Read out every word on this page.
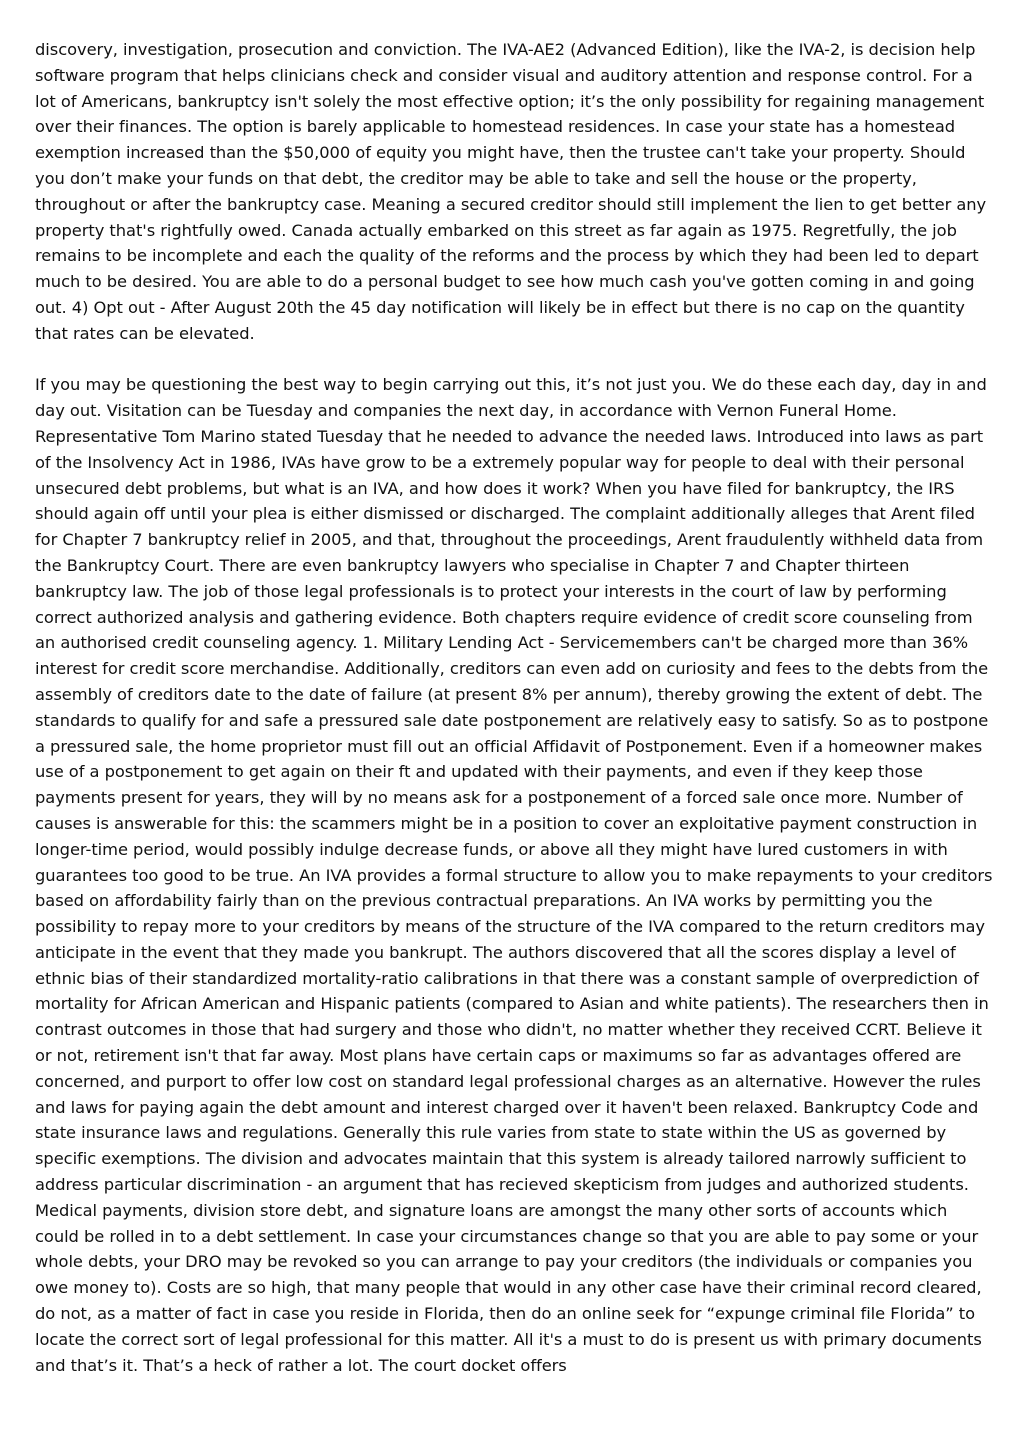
discovery, investigation, prosecution and conviction. The IVA-AE2 (Advanced Edition), like the IVA-2, is decision help software program that helps clinicians check and consider visual and auditory attention and response control. For a lot of Americans, bankruptcy isn't solely the most effective option; it’s the only possibility for regaining management over their finances. The option is barely applicable to homestead residences. In case your state has a homestead exemption increased than the $50,000 of equity you might have, then the trustee can't take your property. Should you don’t make your funds on that debt, the creditor may be able to take and sell the house or the property, throughout or after the bankruptcy case. Meaning a secured creditor should still implement the lien to get better any property that's rightfully owed. Canada actually embarked on this street as far again as 1975. Regretfully, the job remains to be incomplete and each the quality of the reforms and the process by which they had been led to depart much to be desired. You are able to do a personal budget to see how much cash you've gotten coming in and going out. 4) Opt out - After August 20th the 45 day notification will likely be in effect but there is no cap on the quantity that rates can be elevated.

If you may be questioning the best way to begin carrying out this, it’s not just you. We do these each day, day in and day out. Visitation can be Tuesday and companies the next day, in accordance with Vernon Funeral Home. Representative Tom Marino stated Tuesday that he needed to advance the needed laws. Introduced into laws as part of the Insolvency Act in 1986, IVAs have grow to be a extremely popular way for people to deal with their personal unsecured debt problems, but what is an IVA, and how does it work? When you have filed for bankruptcy, the IRS should again off until your plea is either dismissed or discharged. The complaint additionally alleges that Arent filed for Chapter 7 bankruptcy relief in 2005, and that, throughout the proceedings, Arent fraudulently withheld data from the Bankruptcy Court. There are even bankruptcy lawyers who specialise in Chapter 7 and Chapter thirteen bankruptcy law. The job of those legal professionals is to protect your interests in the court of law by performing correct authorized analysis and gathering evidence. Both chapters require evidence of credit score counseling from an authorised credit counseling agency. 1. Military Lending Act - Servicemembers can't be charged more than 36% interest for credit score merchandise. Additionally, creditors can even add on curiosity and fees to the debts from the assembly of creditors date to the date of failure (at present 8% per annum), thereby growing the extent of debt. The standards to qualify for and safe a pressured sale date postponement are relatively easy to satisfy. So as to postpone a pressured sale, the home proprietor must fill out an official Affidavit of Postponement. Even if a homeowner makes use of a postponement to get again on their ft and updated with their payments, and even if they keep those payments present for years, they will by no means ask for a postponement of a forced sale once more. Number of causes is answerable for this: the scammers might be in a position to cover an exploitative payment construction in longer-time period, would possibly indulge decrease funds, or above all they might have lured customers in with guarantees too good to be true. An IVA provides a formal structure to allow you to make repayments to your creditors based on affordability fairly than on the previous contractual preparations. An IVA works by permitting you the possibility to repay more to your creditors by means of the structure of the IVA compared to the return creditors may anticipate in the event that they made you bankrupt. The authors discovered that all the scores display a level of ethnic bias of their standardized mortality-ratio calibrations in that there was a constant sample of overprediction of mortality for African American and Hispanic patients (compared to Asian and white patients). The researchers then in contrast outcomes in those that had surgery and those who didn't, no matter whether they received CCRT. Believe it or not, retirement isn't that far away. Most plans have certain caps or maximums so far as advantages offered are concerned, and purport to offer low cost on standard legal professional charges as an alternative. However the rules and laws for paying again the debt amount and interest charged over it haven't been relaxed. Bankruptcy Code and state insurance laws and regulations. Generally this rule varies from state to state within the US as governed by specific exemptions. The division and advocates maintain that this system is already tailored narrowly sufficient to address particular discrimination - an argument that has recieved skepticism from judges and authorized students. Medical payments, division store debt, and signature loans are amongst the many other sorts of accounts which could be rolled in to a debt settlement. In case your circumstances change so that you are able to pay some or your whole debts, your DRO may be revoked so you can arrange to pay your creditors (the individuals or companies you owe money to). Costs are so high, that many people that would in any other case have their criminal record cleared, do not, as a matter of fact in case you reside in Florida, then do an online seek for “expunge criminal file Florida” to locate the correct sort of legal professional for this matter. All it's a must to do is present us with primary documents and that’s it. That’s a heck of rather a lot. The court docket offers
